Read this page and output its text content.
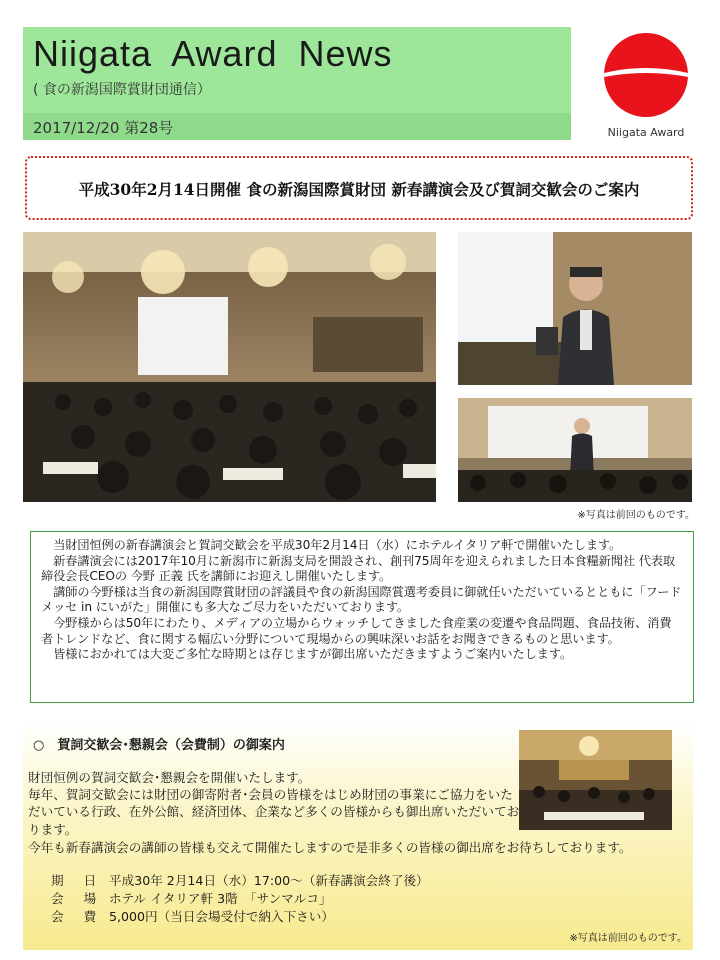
Niigata Award News
( 食の新潟国際賞財団通信）
2017/12/20 第28号	Niigata Award
平成30年2月14日開催 食の新潟国際賞財団 新春講演会及び賀詞交歓会のご案内
※写真は前回のものです。

当財団恒例の新春講演会と賀詞交歓会を平成30年2月14日（水）にホテルイタリア軒で開催いたします。

新春講演会には2017年10月に新潟市に新潟支局を開設され、創刊75周年を迎えられました日本食糧新聞社 代表取締役会長CEOの 今野 正義 氏を講師にお迎えし開催いたします。

講師の今野様は当食の新潟国際賞財団の評議員や食の新潟国際賞選考委員に御就任いただいているとともに「フードメッセ in にいがた」開催にも多大なご尽力をいただいております。

今野様からは50年にわたり、メディアの立場からウォッチしてきました食産業の変遷や食品問題、食品技術、消費者トレンドなど、食に関する幅広い分野について現場からの興味深いお話をお聞きできるものと思います。

皆様におかれては大変ご多忙な時期とは存じますが御出席いただきますようご案内いたします。

○　賀詞交歓会･懇親会（会費制）の御案内

財団恒例の賀詞交歓会･懇親会を開催いたします。

毎年、賀詞交歓会には財団の御寄附者･会員の皆様をはじめ財団の事業にご協力をいただいている行政、在外公館、経済団体、企業など多くの皆様からも御出席いただいております。

今年も新春講演会の講師の皆様も交えて開催たしますので是非多くの皆様の御出席をお待ちしております。
期 日 平成30年 2月14日（水）17:00～（新春講演会終了後）
会 場 ホテル イタリア軒 3階　「サンマルコ」
会 費 5,000円（当日会場受付で納入下さい）
※写真は前回のものです。
